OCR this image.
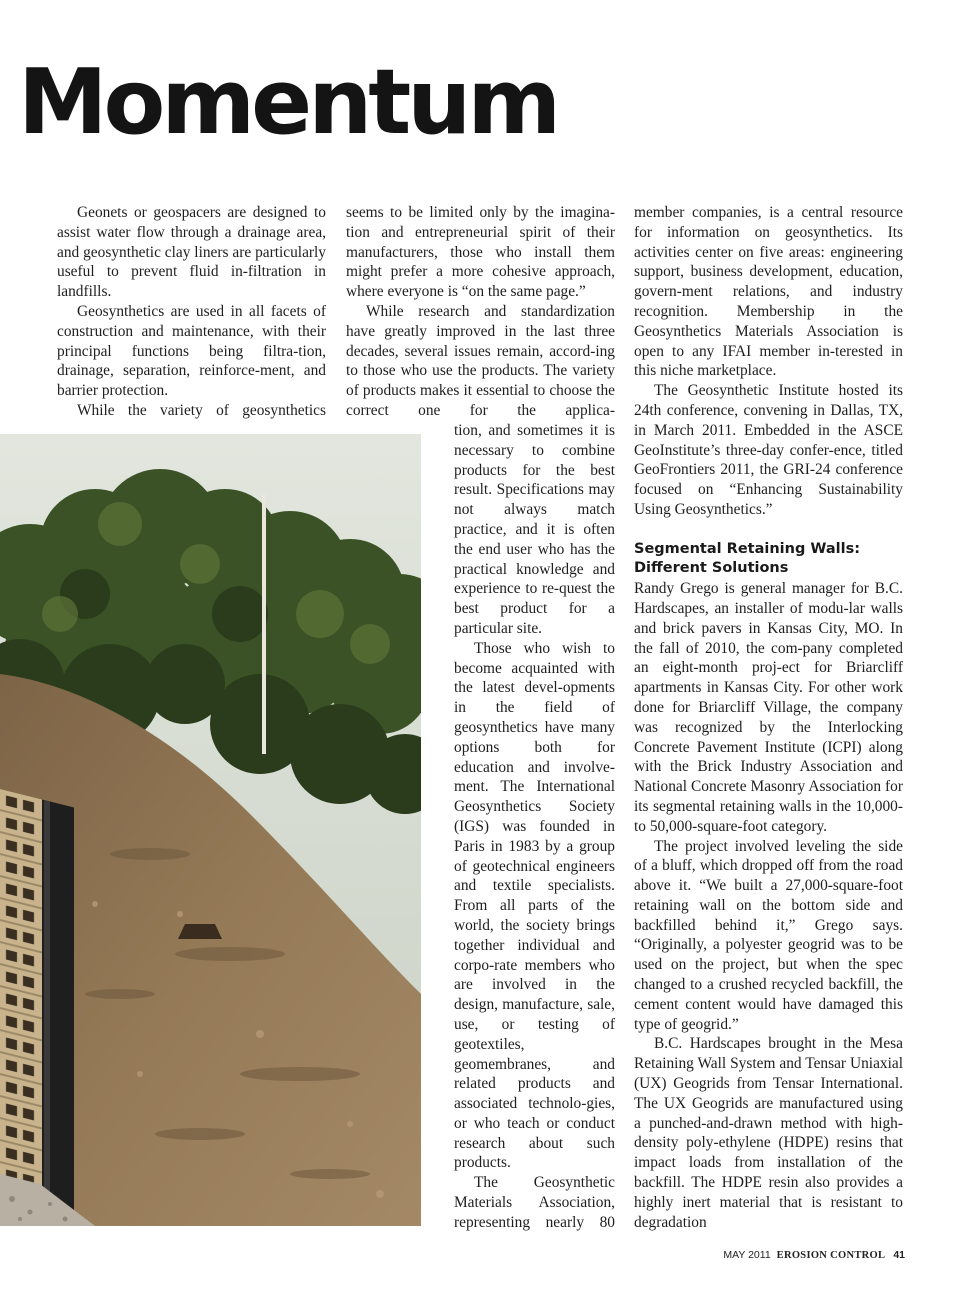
Momentum

Geonets or geospacers are designed to assist water flow through a drainage area, and geosynthetic clay liners are particularly useful to prevent fluid in-filtration in landfills.

Geosynthetics are used in all facets of construction and maintenance, with their principal functions being filtra-tion, drainage, separation, reinforce-ment, and barrier protection.

While the variety of geosynthetics

seems to be limited only by the imagina-tion and entrepreneurial spirit of their manufacturers, those who install them might prefer a more cohesive approach, where everyone is “on the same page.”

While research and standardization have greatly improved in the last three decades, several issues remain, accord-ing to those who use the products. The variety of products makes it essential to choose the correct one for the applica-

tion, and sometimes it is necessary to combine products for the best result. Specifications may not always match practice, and it is often the end user who has the practical knowledge and experience to re-quest the best product for a particular site.

Those who wish to become acquainted with the latest devel-opments in the field of geosynthetics have many options both for education and involve-ment. The International Geosynthetics Society (IGS) was founded in Paris in 1983 by a group of geotechnical engineers and textile specialists. From all parts of the world, the society brings together individual and corpo-rate members who are involved in the design, manufacture, sale, use, or testing of geotextiles, geomembranes, and related products and associated technolo-gies, or who teach or conduct research about such products.

The Geosynthetic Materials Association, representing nearly 80

member companies, is a central resource for information on geosynthetics. Its activities center on five areas: engineering support, business development, education, govern-ment relations, and industry recognition. Membership in the Geosynthetics Materials Association is open to any IFAI member in-terested in this niche marketplace.

The Geosynthetic Institute hosted its 24th conference, convening in Dallas, TX, in March 2011. Embedded in the ASCE GeoInstitute’s three-day confer-ence, titled GeoFrontiers 2011, the GRI-24 conference focused on “Enhancing Sustainability Using Geosynthetics.”

Segmental Retaining Walls:
Different Solutions

Randy Grego is general manager for B.C. Hardscapes, an installer of modu-lar walls and brick pavers in Kansas City, MO. In the fall of 2010, the com-pany completed an eight-month proj-ect for Briarcliff apartments in Kansas City. For other work done for Briarcliff Village, the company was recognized by the Interlocking Concrete Pavement Institute (ICPI) along with the Brick Industry Association and National Concrete Masonry Association for its segmental retaining walls in the 10,000-to 50,000-square-foot category.

The project involved leveling the side of a bluff, which dropped off from the road above it. “We built a 27,000-square-foot retaining wall on the bottom side and backfilled behind it,” Grego says. “Originally, a polyester geogrid was to be used on the project, but when the spec changed to a crushed recycled backfill, the cement content would have damaged this type of geogrid.”

B.C. Hardscapes brought in the Mesa Retaining Wall System and Tensar Uniaxial (UX) Geogrids from Tensar International. The UX Geogrids are manufactured using a punched-and-drawn method with high-density poly-ethylene (HDPE) resins that impact loads from installation of the backfill. The HDPE resin also provides a highly inert material that is resistant to degradation

MAY 2011 EROSION CONTROL 41
